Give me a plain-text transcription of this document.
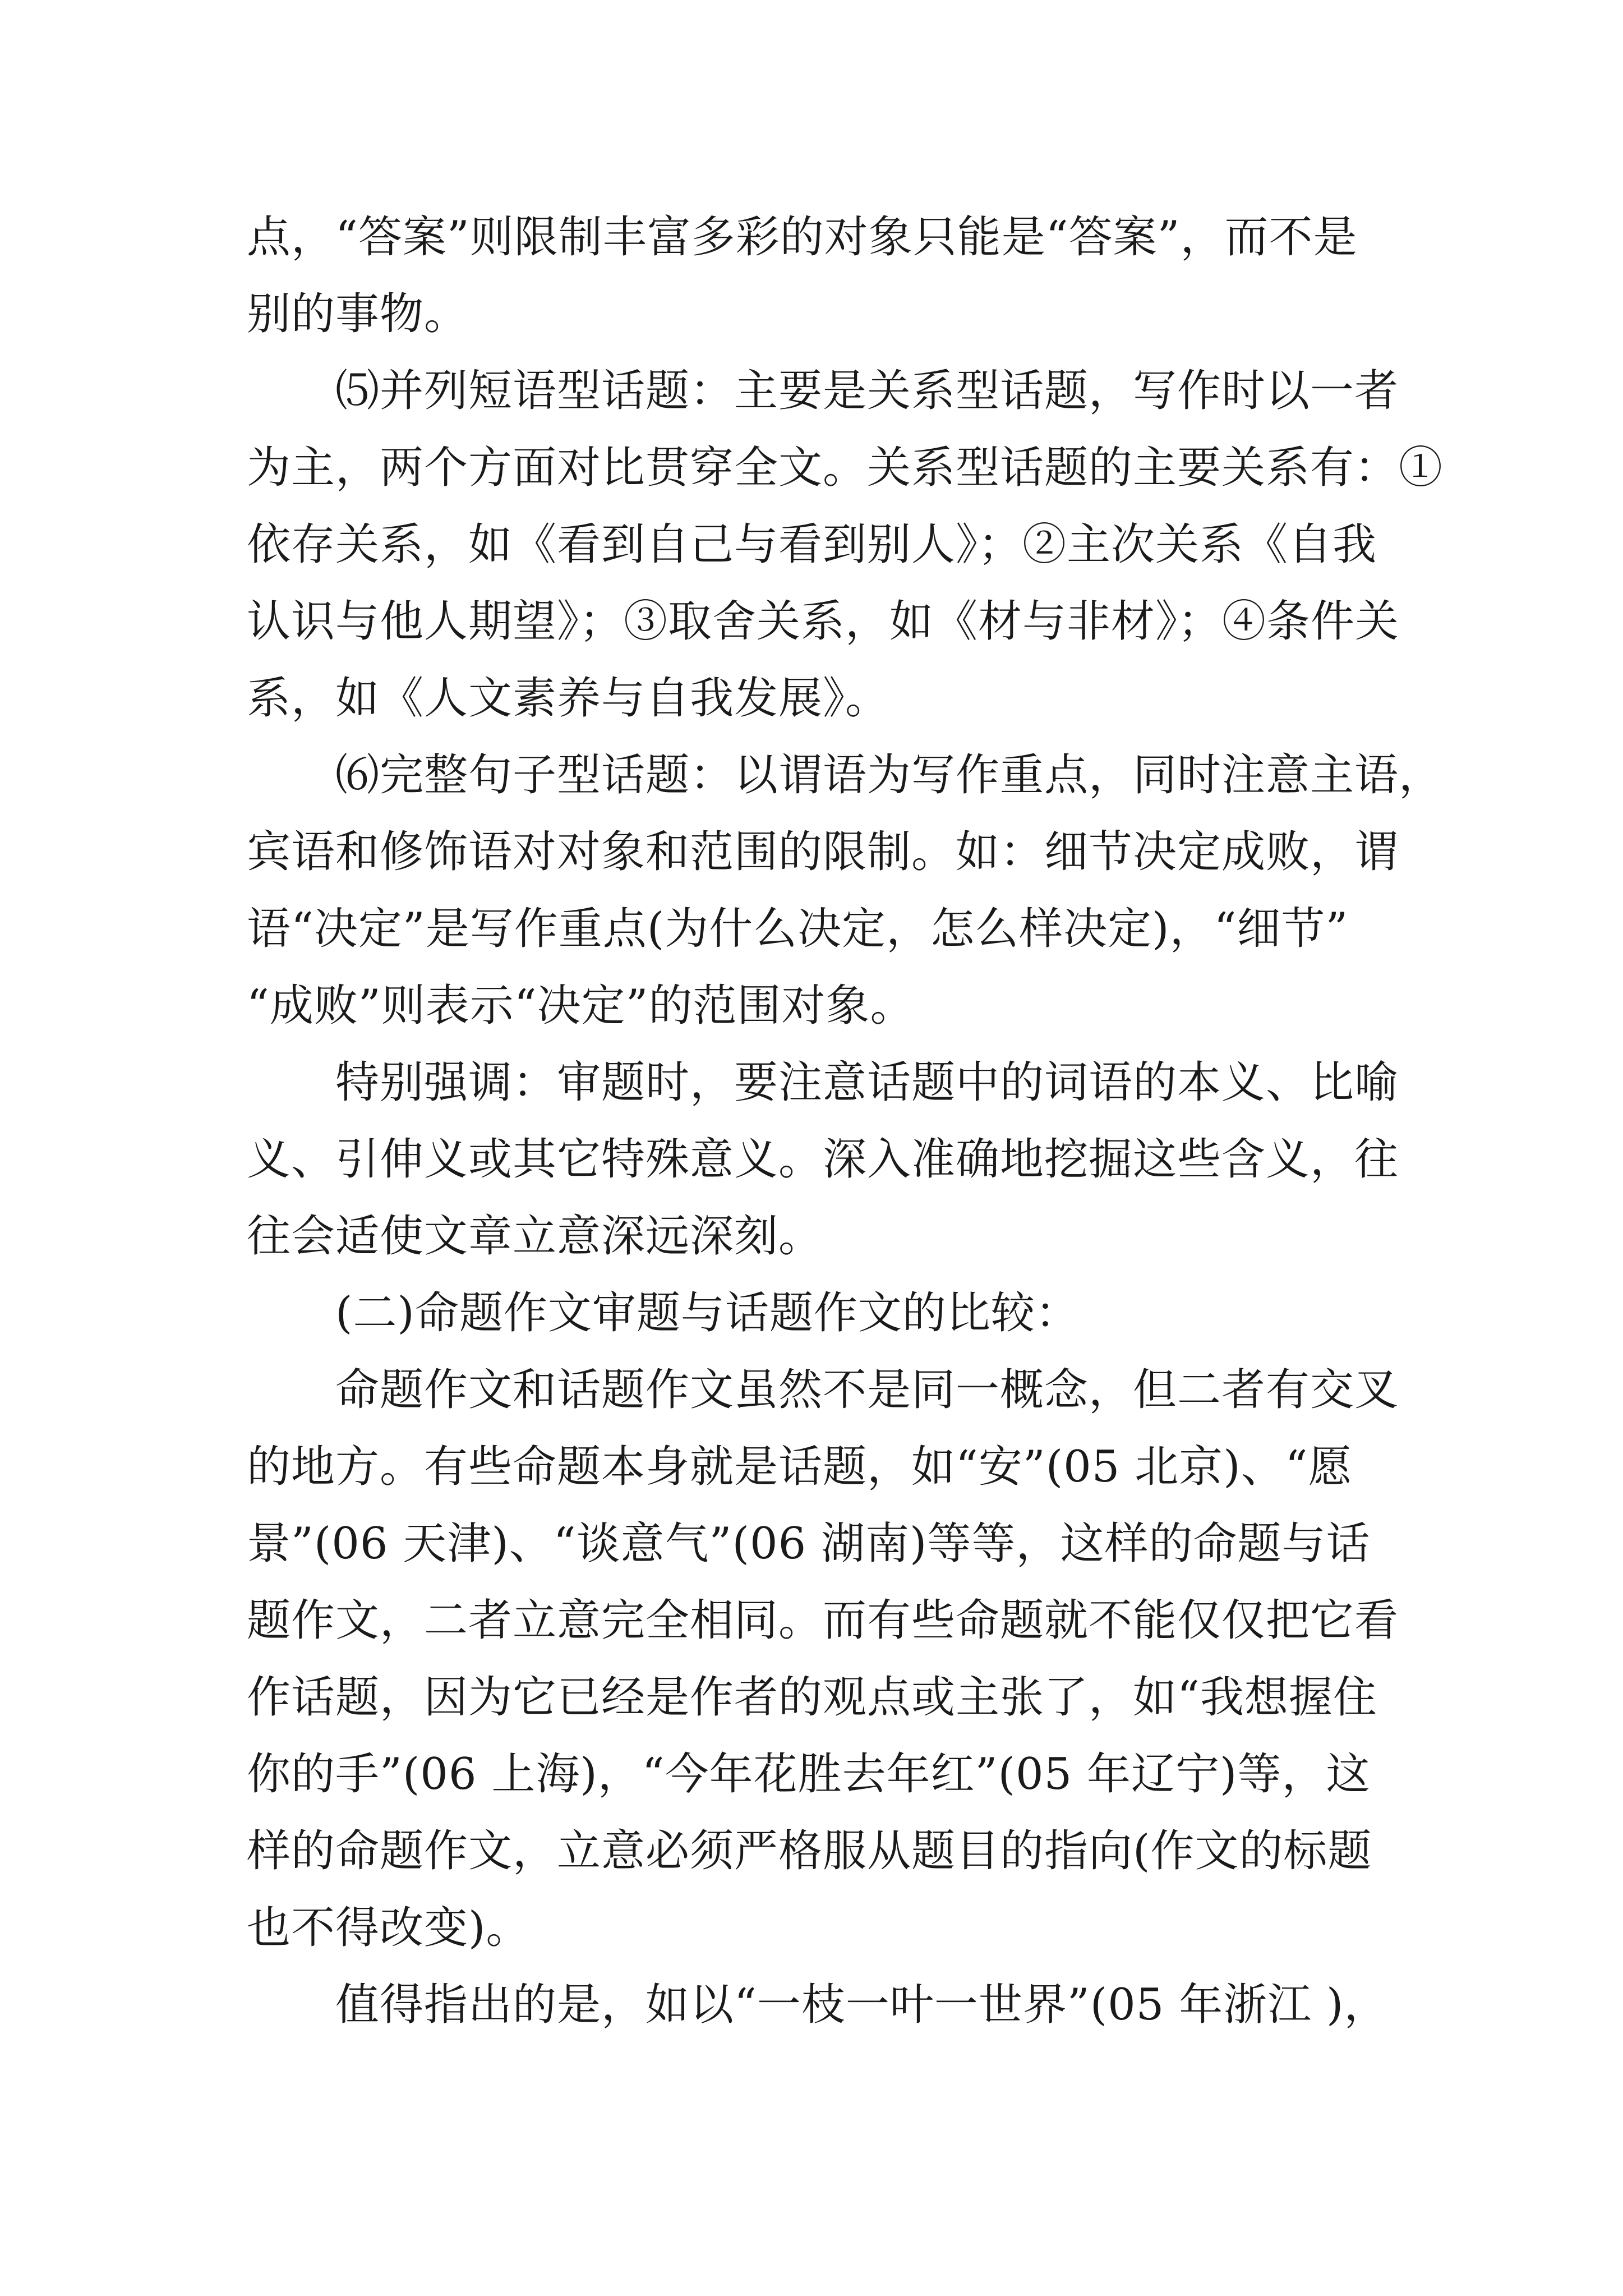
点，“答案”则限制丰富多彩的对象只能是“答案”，而不是
别的事物。
⑸并列短语型话题：主要是关系型话题，写作时以一者
为主，两个方面对比贯穿全文。关系型话题的主要关系有：①
依存关系，如《看到自己与看到别人》；②主次关系《自我
认识与他人期望》；③取舍关系，如《材与非材》；④条件关
系，如《人文素养与自我发展》。
⑹完整句子型话题：以谓语为写作重点，同时注意主语，
宾语和修饰语对对象和范围的限制。如：细节决定成败，谓
语“决定”是写作重点(为什么决定，怎么样决定)，“细节”
“成败”则表示“决定”的范围对象。
特别强调：审题时，要注意话题中的词语的本义、比喻
义、引伸义或其它特殊意义。深入准确地挖掘这些含义，往
往会适使文章立意深远深刻。
(二)命题作文审题与话题作文的比较：
命题作文和话题作文虽然不是同一概念，但二者有交叉
的地方。有些命题本身就是话题，如“安”(05 北京)、“愿
景”(06 天津)、“谈意气”(06 湖南)等等，这样的命题与话
题作文，二者立意完全相同。而有些命题就不能仅仅把它看
作话题，因为它已经是作者的观点或主张了，如“我想握住
你的手”(06 上海)，“今年花胜去年红”(05 年辽宁)等，这
样的命题作文，立意必须严格服从题目的指向(作文的标题
也不得改变)。
值得指出的是，如以“一枝一叶一世界”(05 年浙江 )，
